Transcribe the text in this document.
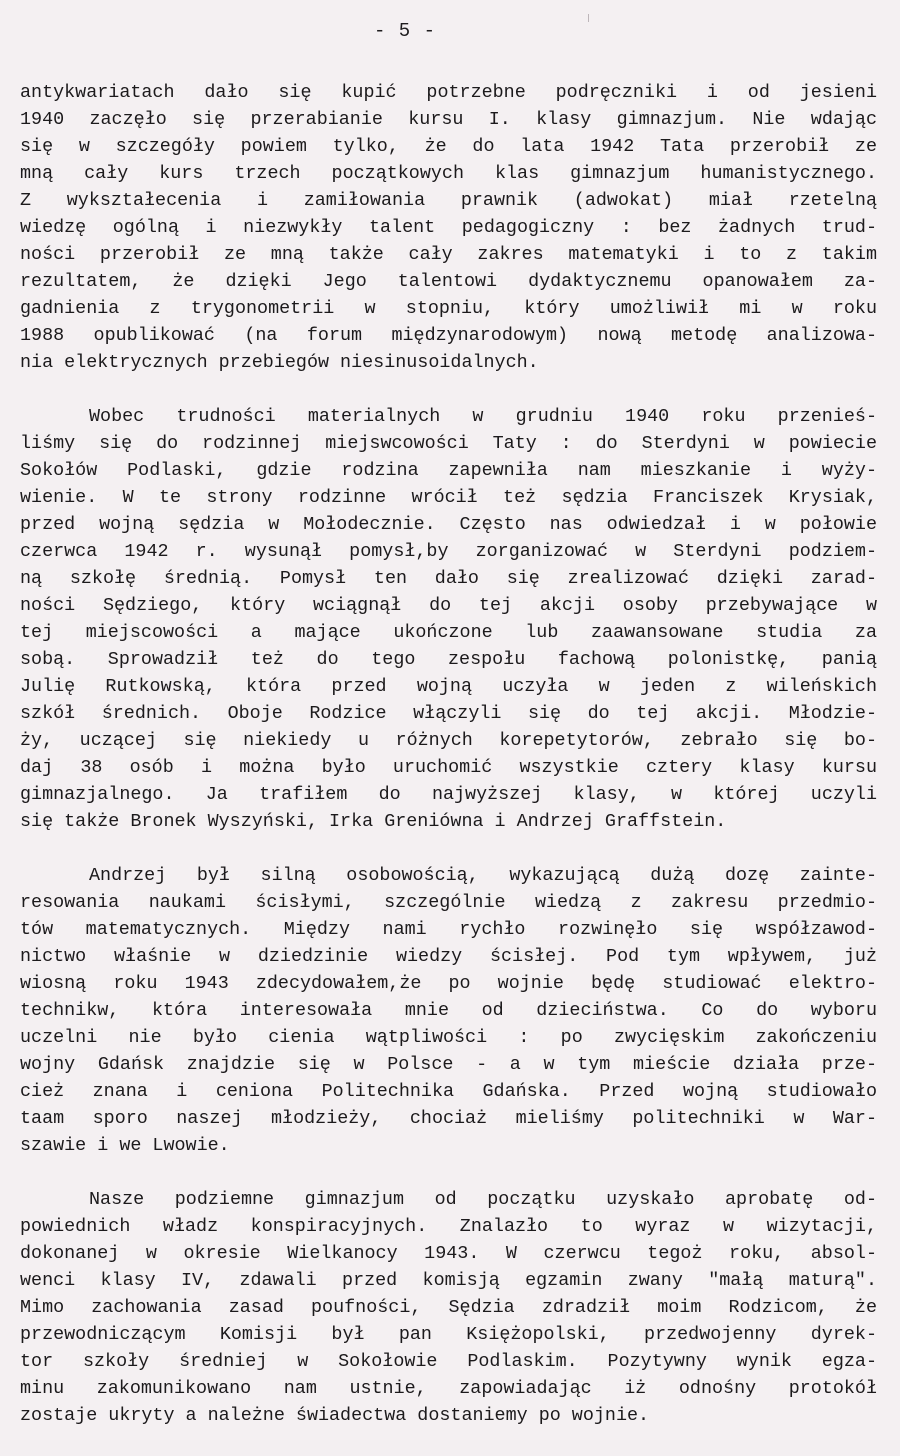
- 5 -
antykwariatach dało się kupić potrzebne podręczniki i od jesieni
1940 zaczęło się przerabianie kursu I. klasy gimnazjum. Nie wdając
się w szczegóły powiem tylko, że do lata 1942 Tata przerobił ze
mną cały kurs trzech początkowych klas gimnazjum humanistycznego.
Z wykształecenia i zamiłowania prawnik (adwokat) miał rzetelną
wiedzę ogólną i niezwykły talent pedagogiczny : bez żadnych trud-
ności przerobił ze mną także cały zakres matematyki i to z takim
rezultatem, że dzięki Jego talentowi dydaktycznemu opanowałem za-
gadnienia z trygonometrii w stopniu, który umożliwił mi w roku
1988 opublikować (na forum międzynarodowym) nową metodę analizowa-
nia elektrycznych przebiegów niesinusoidalnych.
Wobec trudności materialnych w grudniu 1940 roku przenieś-
liśmy się do rodzinnej miejswcowości Taty : do Sterdyni w powiecie
Sokołów Podlaski, gdzie rodzina zapewniła nam mieszkanie i wyży-
wienie. W te strony rodzinne wrócił też sędzia Franciszek Krysiak,
przed wojną sędzia w Mołodecznie. Często nas odwiedzał i w połowie
czerwca 1942 r. wysunął pomysł,by zorganizować w Sterdyni podziem-
ną szkołę średnią. Pomysł ten dało się zrealizować dzięki zarad-
ności Sędziego, który wciągnął do tej akcji osoby przebywające w
tej miejscowości a mające ukończone lub zaawansowane studia za
sobą. Sprowadził też do tego zespołu fachową polonistkę, panią
Julię Rutkowską, która przed wojną uczyła w jeden z wileńskich
szkół średnich. Oboje Rodzice włączyli się do tej akcji. Młodzie-
ży, uczącej się niekiedy u różnych korepetytorów, zebrało się bo-
daj 38 osób i można było uruchomić wszystkie cztery klasy kursu
gimnazjalnego. Ja trafiłem do najwyższej klasy, w której uczyli
się także Bronek Wyszyński, Irka Greniówna i Andrzej Graffstein.
Andrzej był silną osobowością, wykazującą dużą dozę zainte-
resowania naukami ścisłymi, szczególnie wiedzą z zakresu przedmio-
tów matematycznych. Między nami rychło rozwinęło się współzawod-
nictwo właśnie w dziedzinie wiedzy ścisłej. Pod tym wpływem, już
wiosną roku 1943 zdecydowałem,że po wojnie będę studiować elektro-
technikw, która interesowała mnie od dzieciństwa. Co do wyboru
uczelni nie było cienia wątpliwości : po zwycięskim zakończeniu
wojny Gdańsk znajdzie się w Polsce - a w tym mieście działa prze-
cież znana i ceniona Politechnika Gdańska. Przed wojną studiowało
taam sporo naszej młodzieży, chociaż mieliśmy politechniki w War-
szawie i we Lwowie.
Nasze podziemne gimnazjum od początku uzyskało aprobatę od-
powiednich władz konspiracyjnych. Znalazło to wyraz w wizytacji,
dokonanej w okresie Wielkanocy 1943. W czerwcu tegoż roku, absol-
wenci klasy IV, zdawali przed komisją egzamin zwany "małą maturą".
Mimo zachowania zasad poufności, Sędzia zdradził moim Rodzicom, że
przewodniczącym Komisji był pan Księżopolski, przedwojenny dyrek-
tor szkoły średniej w Sokołowie Podlaskim. Pozytywny wynik egza-
minu zakomunikowano nam ustnie, zapowiadając iż odnośny protokół
zostaje ukryty a należne świadectwa dostaniemy po wojnie.
